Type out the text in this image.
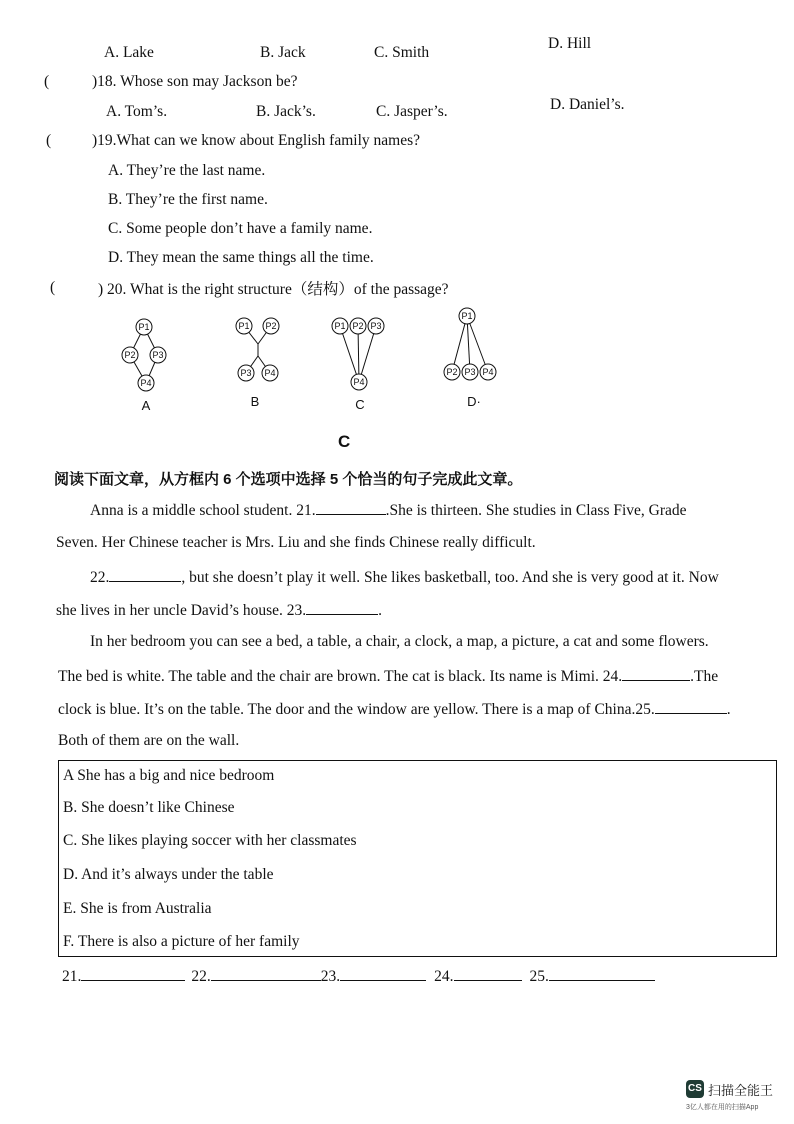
A. Lake	B. Jack	C. Smith
D. Hill
(	)18. Whose son may Jackson be?
A. Tom’s.	B. Jack’s.	C. Jasper’s.	D. Daniel’s.
(	)19.What can we know about English family names?
A. They’re the last name.
B. They’re the first name.
C. Some people don’t have a family name.
D. They mean the same things all the time.
(	) 20. What is the right structure（结构）of the passage?
P1
P2 P3
P4
P1 P2
P3 P4
P1 P2 P3
P4
P1
P2 P3 P4
A	B	C	D·
C
阅读下面文章，从方框内 6 个选项中选择 5 个恰当的句子完成此文章。
Anna is a middle school student. 21.	.She is thirteen. She studies in Class Five, Grade
Seven. Her Chinese teacher is Mrs. Liu and she finds Chinese really difficult.
22.	, but she doesn’t play it well. She likes basketball, too. And she is very good at it. Now
she lives in her uncle David’s house. 23.	.
In her bedroom you can see a bed, a table, a chair, a clock, a map, a picture, a cat and some flowers.
The bed is white. The table and the chair are brown. The cat is black. Its name is Mimi. 24.	.The
clock is blue. It’s on the table. The door and the window are yellow. There is a map of China.25.	.
Both of them are on the wall.
A She has a big and nice bedroom
B. She doesn’t like Chinese
C. She likes playing soccer with her classmates
D. And it’s always under the table
E. She is from Australia
F. There is also a picture of her family
21.	22.	23.	24.	25.
CS 扫描全能王
3亿人都在用的扫描App
